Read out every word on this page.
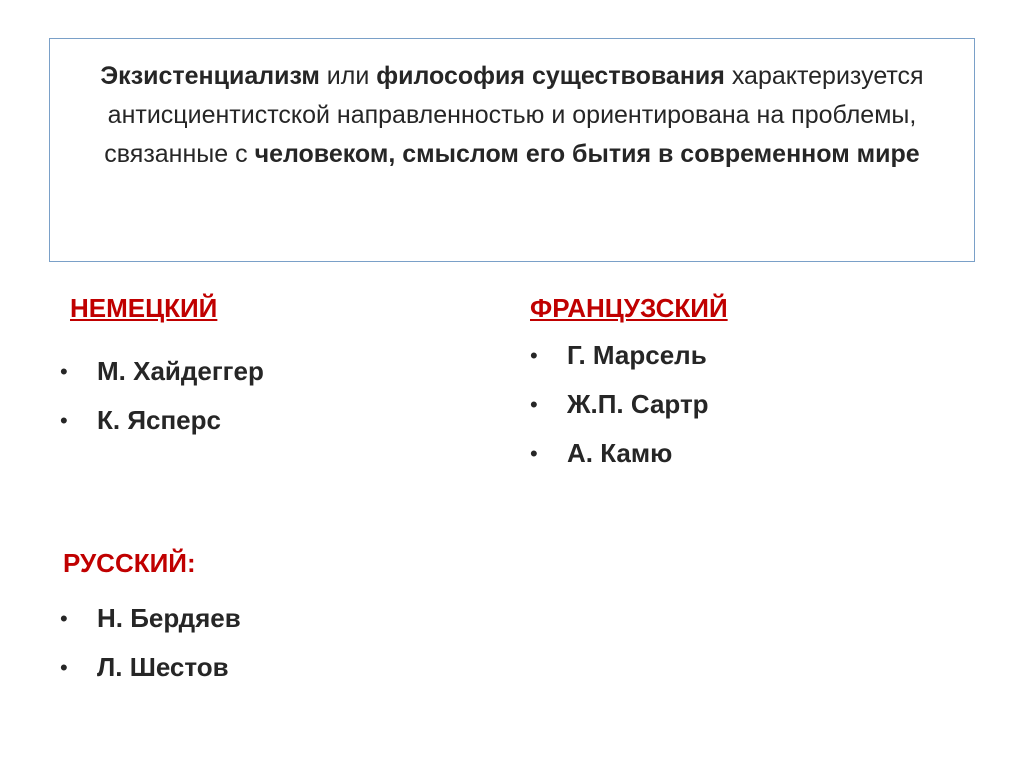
Экзистенциализм или философия существования характеризуется антисциентистской направленностью и ориентирована на проблемы, связанные с человеком, смыслом его бытия в современном мире
НЕМЕЦКИЙ
• М. Хайдеггер
• К. Ясперс
ФРАНЦУЗСКИЙ
• Г. Марсель
• Ж.П. Сартр
• А. Камю
РУССКИЙ:
• Н. Бердяев
• Л. Шестов
